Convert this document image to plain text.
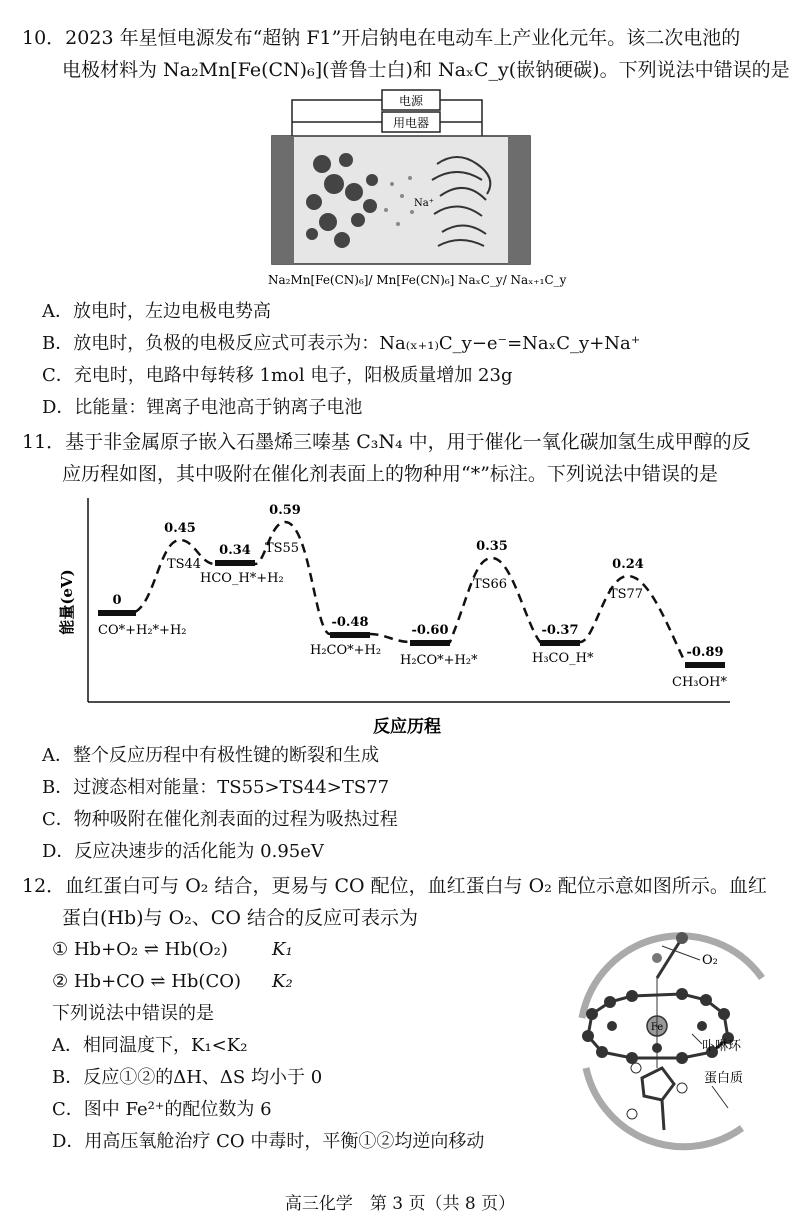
10．2023 年星恒电源发布“超钠 F1”开启钠电在电动车上产业化元年。该二次电池的
电极材料为 Na₂Mn[Fe(CN)₆](普鲁士白)和 NaₓC_y(嵌钠硬碳)。下列说法中错误的是
电源
用电器
Na⁺
Na₂Mn[Fe(CN)₆]/ Mn[Fe(CN)₆] NaₓC_y/ Naₓ₊₁C_y
A．放电时，左边电极电势高
B．放电时，负极的电极反应式可表示为：Na₍ₓ₊₁₎C_y−e⁻=NaₓC_y+Na⁺
C．充电时，电路中每转移 1mol 电子，阳极质量增加 23g
D．比能量：锂离子电池高于钠离子电池
11．基于非金属原子嵌入石墨烯三嗪基 C₃N₄ 中，用于催化一氧化碳加氢生成甲醇的反
应历程如图，其中吸附在催化剂表面上的物种用“*”标注。下列说法中错误的是
能量(eV)
反应历程
0
0.34
-0.48
-0.60	-0.37
-0.89
CO*+H₂*+H₂
HCO_H*+H₂
H₂CO*+H₂
H₂CO*+H₂*	H₃CO_H*
CH₃OH*
0.45
TS44
0.59
TS55	0.35
TS66
0.24
TS77
A．整个反应历程中有极性键的断裂和生成
B．过渡态相对能量：TS55>TS44>TS77
C．物种吸附在催化剂表面的过程为吸热过程
D．反应决速步的活化能为 0.95eV
12．血红蛋白可与 O₂ 结合，更易与 CO 配位，血红蛋白与 O₂ 配位示意如图所示。血红
蛋白(Hb)与 O₂、CO 结合的反应可表示为
① Hb+O₂ ⇌ Hb(O₂) K₁
② Hb+CO ⇌ Hb(CO) K₂
下列说法中错误的是
A．相同温度下，K₁<K₂
B．反应①②的ΔH、ΔS 均小于 0
C．图中 Fe²⁺的配位数为 6
D．用高压氧舱治疗 CO 中毒时，平衡①②均逆向移动
O₂
Fe
卟啉环
蛋白质
高三化学　第 3 页（共 8 页）
